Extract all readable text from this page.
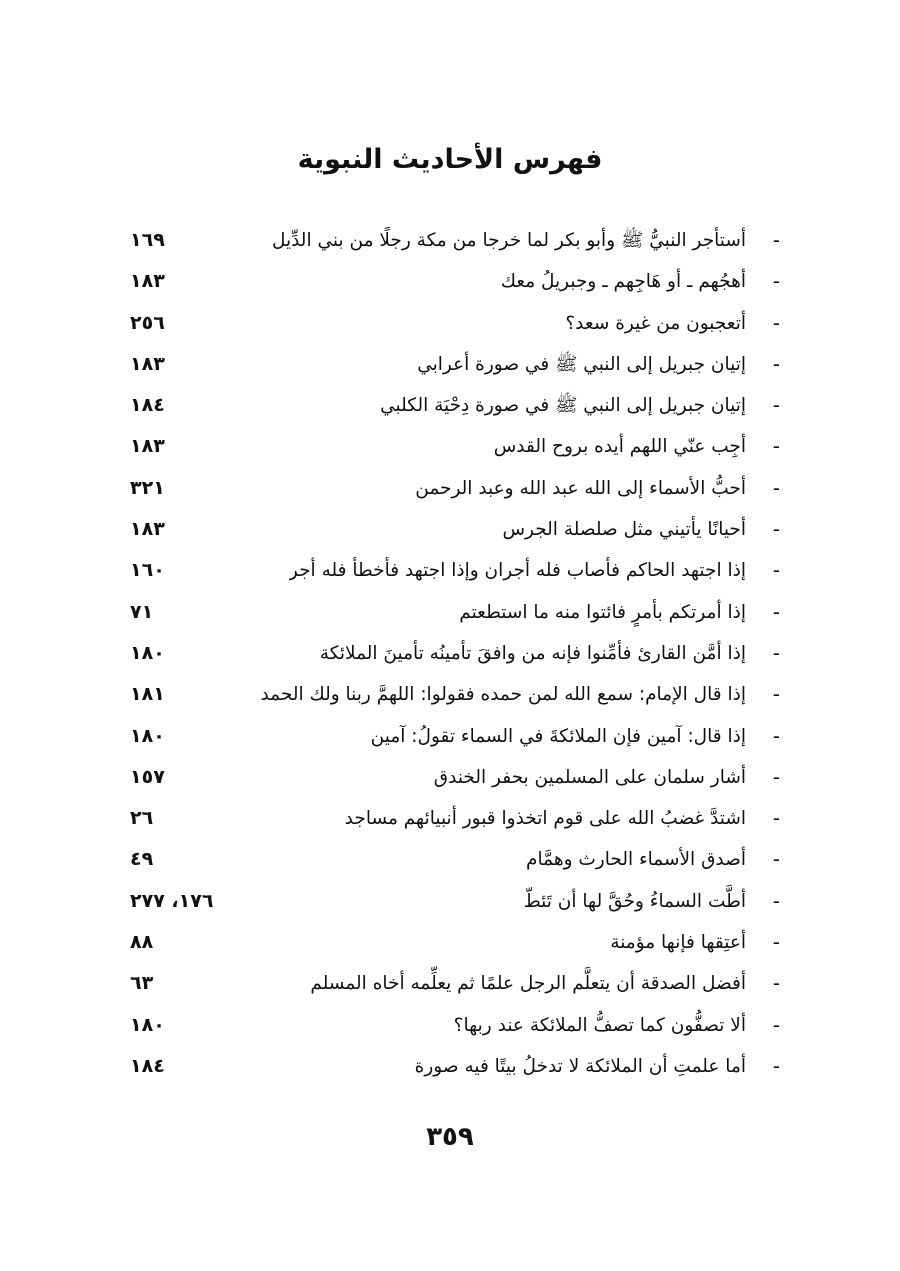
فهرس الأحاديث النبوية
-
أستأجر النبيُّ ﷺ وأبو بكر لما خرجا من مكة رجلًا من بني الدِّيل
١٦٩
-
أهجُهم ـ أو هَاجِهم ـ وجبريلُ معك
١٨٣
-
أتعجبون من غيرة سعد؟
٢٥٦
-
إتيان جبريل إلى النبي ﷺ في صورة أعرابي
١٨٣
-
إتيان جبريل إلى النبي ﷺ في صورة دِحْيَة الكلبي
١٨٤
-
أجِب عنّي اللهم أيده بروح القدس
١٨٣
-
أحبُّ الأسماء إلى الله عبد الله وعبد الرحمن
٣٢١
-
أحيانًا يأتيني مثل صلصلة الجرس
١٨٣
-
إذا اجتهد الحاكم فأصاب فله أجران وإذا اجتهد فأخطأ فله أجر
١٦٠
-
إذا أمرتكم بأمرٍ فائتوا منه ما استطعتم
٧١
-
إذا أمَّن القارئ فأمِّنوا فإنه من وافقَ تأمينُه تأمينَ الملائكة
١٨٠
-
إذا قال الإمام: سمع الله لمن حمده فقولوا: اللهمَّ ربنا ولك الحمد
١٨١
-
إذا قال: آمين فإن الملائكةَ في السماء تقولُ: آمين
١٨٠
-
أشار سلمان على المسلمين بحفر الخندق
١٥٧
-
اشتدَّ غضبُ الله على قوم اتخذوا قبور أنبيائهم مساجد
٢٦
-
أصدق الأسماء الحارث وهمَّام
٤٩
-
أطَّت السماءُ وحُقَّ لها أن تَئطّ
١٧٦، ٢٧٧
-
أعتِقها فإنها مؤمنة
٨٨
-
أفضل الصدقة أن يتعلَّم الرجل علمًا ثم يعلِّمه أخاه المسلم
٦٣
-
ألا تصفُّون كما تصفُّ الملائكة عند ربها؟
١٨٠
-
أما علمتِ أن الملائكة لا تدخلُ بيتًا فيه صورة
١٨٤
٣٥٩
